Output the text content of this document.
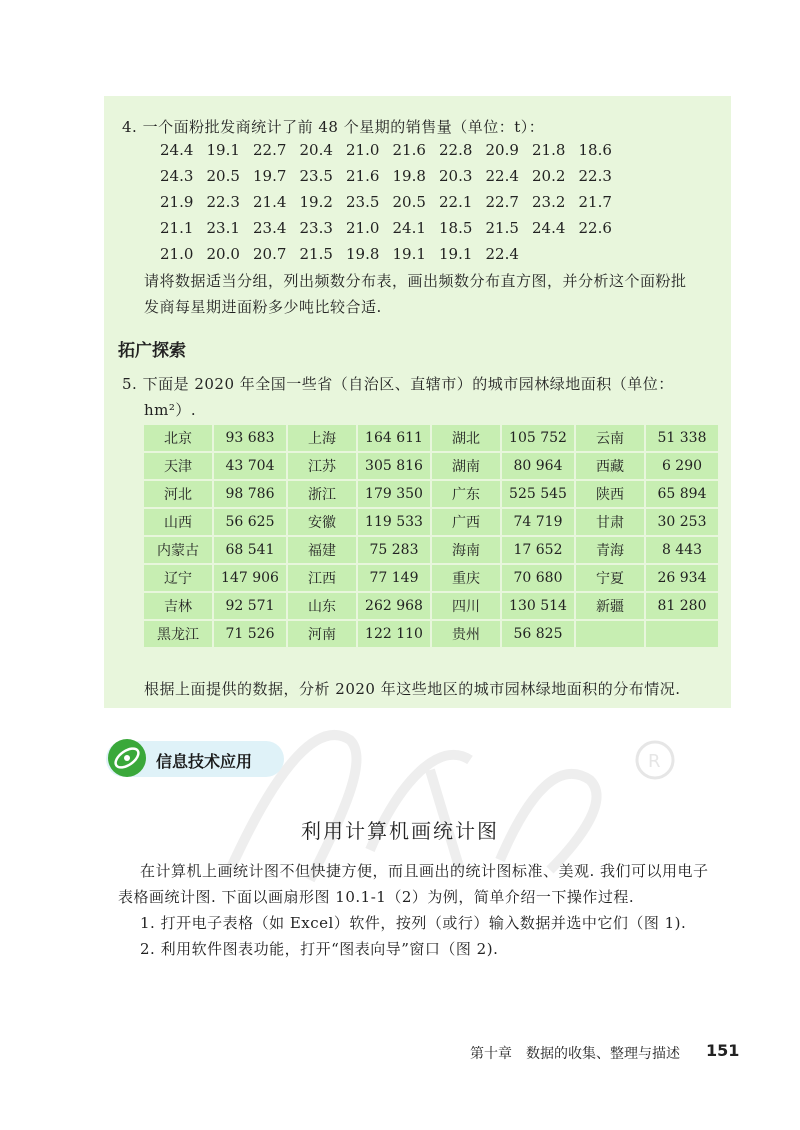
4. 一个面粉批发商统计了前 48 个星期的销售量（单位：t）：
24.4 19.1 22.7 20.4 21.0 21.6 22.8 20.9 21.8 18.6
24.3 20.5 19.7 23.5 21.6 19.8 20.3 22.4 20.2 22.3
21.9 22.3 21.4 19.2 23.5 20.5 22.1 22.7 23.2 21.7
21.1 23.1 23.4 23.3 21.0 24.1 18.5 21.5 24.4 22.6
21.0 20.0 20.7 21.5 19.8 19.1 19.1 22.4
请将数据适当分组，列出频数分布表，画出频数分布直方图，并分析这个面粉批
发商每星期进面粉多少吨比较合适.
拓广探索
5. 下面是 2020 年全国一些省（自治区、直辖市）的城市园林绿地面积（单位：
hm²）.
北京	93 683	上海	164 611	湖北	105 752	云南	51 338
天津	43 704	江苏	305 816	湖南	80 964	西藏	6 290
河北	98 786	浙江	179 350	广东	525 545	陕西	65 894
山西	56 625	安徽	119 533	广西	74 719	甘肃	30 253
内蒙古	68 541	福建	75 283	海南	17 652	青海	8 443
辽宁	147 906	江西	77 149	重庆	70 680	宁夏	26 934
吉林	92 571	山东	262 968	四川	130 514	新疆	81 280
黑龙江	71 526	河南	122 110	贵州	56 825		
根据上面提供的数据，分析 2020 年这些地区的城市园林绿地面积的分布情况.
R
信息技术应用
利用计算机画统计图
在计算机上画统计图不但快捷方便，而且画出的统计图标准、美观. 我们可以用电子
表格画统计图. 下面以画扇形图 10.1-1（2）为例，简单介绍一下操作过程.
1. 打开电子表格（如 Excel）软件，按列（或行）输入数据并选中它们（图 1).
2. 利用软件图表功能，打开“图表向导”窗口（图 2).
第十章　数据的收集、整理与描述 151
